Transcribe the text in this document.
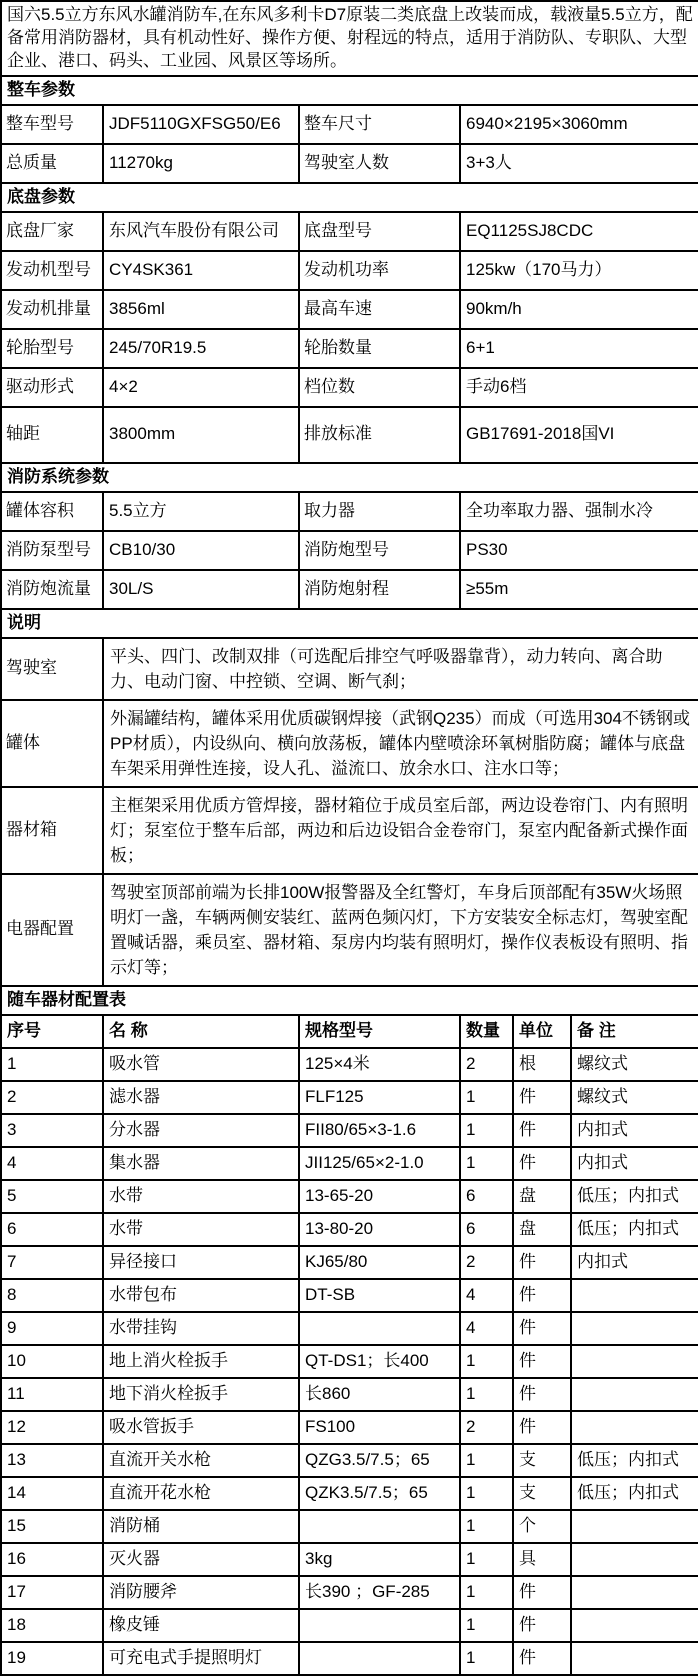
国六5.5立方东风水罐消防车,在东风多利卡D7原装二类底盘上改装而成，载液量5.5立方，配备常用消防器材，具有机动性好、操作方便、射程远的特点，适用于消防队、专职队、大型企业、港口、码头、工业园、风景区等场所。					
整车参数					
整车型号	JDF5110GXFSG50/E6	整车尺寸	6940×2195×3060mm		
总质量	11270kg	驾驶室人数	3+3人		
底盘参数					
底盘厂家	东风汽车股份有限公司	底盘型号	EQ1125SJ8CDC		
发动机型号	CY4SK361	发动机功率	125kw（170马力）		
发动机排量	3856ml	最高车速	90km/h		
轮胎型号	245/70R19.5	轮胎数量	6+1		
驱动形式	4×2	档位数	手动6档		
轴距	3800mm	排放标准	GB17691-2018国VI		
消防系统参数					
罐体容积	5.5立方	取力器	全功率取力器、强制水冷		
消防泵型号	CB10/30	消防炮型号	PS30		
消防炮流量	30L/S	消防炮射程	≥55m		
说明					
驾驶室	平头、四门、改制双排（可选配后排空气呼吸器靠背），动力转向、离合助力、电动门窗、中控锁、空调、断气刹；				
罐体	外漏罐结构，罐体采用优质碳钢焊接（武钢Q235）而成（可选用304不锈钢或PP材质），内设纵向、横向放荡板，罐体内壁喷涂环氧树脂防腐；罐体与底盘车架采用弹性连接，设人孔、溢流口、放余水口、注水口等；				
器材箱	主框架采用优质方管焊接，器材箱位于成员室后部，两边设卷帘门、内有照明灯；泵室位于整车后部，两边和后边设铝合金卷帘门，泵室内配备新式操作面板；				
电器配置	驾驶室顶部前端为长排100W报警器及全红警灯，车身后顶部配有35W火场照明灯一盏，车辆两侧安装红、蓝两色频闪灯，下方安装安全标志灯，驾驶室配置喊话器，乘员室、器材箱、泵房内均装有照明灯，操作仪表板设有照明、指示灯等；				
随车器材配置表					
序号	名 称	规格型号	数量	单位	备 注
1	吸水管	125×4米	2	根	螺纹式
2	滤水器	FLF125	1	件	螺纹式
3	分水器	FII80/65×3-1.6	1	件	内扣式
4	集水器	JII125/65×2-1.0	1	件	内扣式
5	水带	13-65-20	6	盘	低压；内扣式
6	水带	13-80-20	6	盘	低压；内扣式
7	异径接口	KJ65/80	2	件	内扣式
8	水带包布	DT-SB	4	件	
9	水带挂钩		4	件	
10	地上消火栓扳手	QT-DS1；长400	1	件	
11	地下消火栓扳手	长860	1	件	
12	吸水管扳手	FS100	2	件	
13	直流开关水枪	QZG3.5/7.5；65	1	支	低压；内扣式
14	直流开花水枪	QZK3.5/7.5；65	1	支	低压；内扣式
15	消防桶		1	个	
16	灭火器	3kg	1	具	
17	消防腰斧	长390 ；GF-285	1	件	
18	橡皮锤		1	件	
19	可充电式手提照明灯		1	件	
